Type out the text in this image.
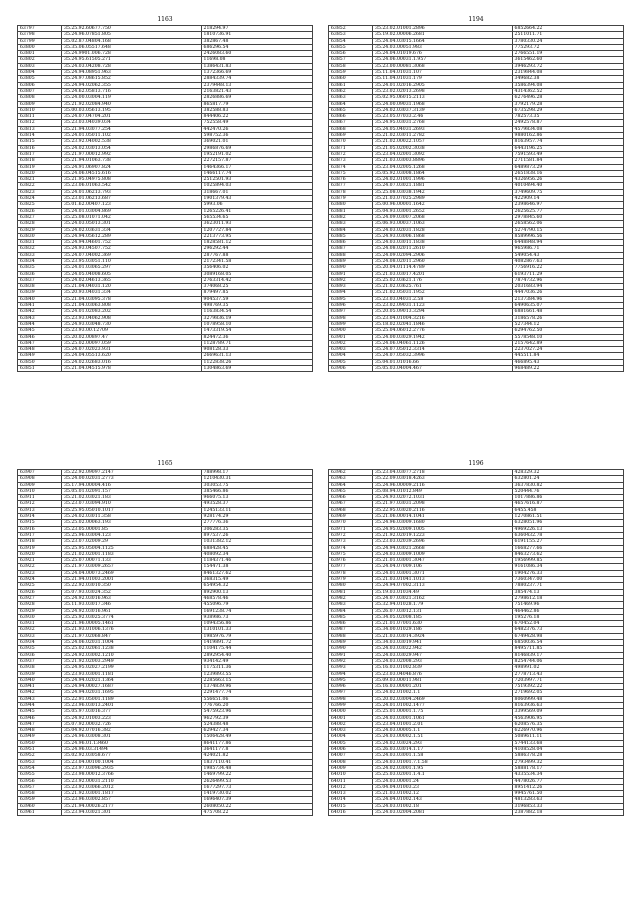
1163
63797	35.25.92.60677.750	218294.97
63798	35.24.96.07851.805	1810736.91
63799	35.02.87.04804.168	382867.48
63800	35.35.06.05517.648	686296.54
63801	35.24.9901.006.728	2426083.60
63802	35.24.95.61505.271	11698.08
63803	35.24.03.04208.728	1386431.83
63804	35.24.94.08951.963	1372366.69
63805	35.24.97.08615.852	2884339.74
63806	35.24.94.02062.355	2379448.13
63807	35.24.62.05813.716	2163821.43
63808	35.24.00.03004.119	2826886.69
63809	35.21.92.02084.940	865817.79
63810	35.00.03.05613.195	382588.83
63811	35.24.07.04704.201	844406.22
63812	35.23.03.04039.034	752558.49
63813	35.21.94.03077.254	442470.26
63814	35.24.01.05011.102	598752.36
63815	35.23.92.04002.538	369021.01
63816	35.24.02.03013.054	2986876.69
63817	35.21.97.00012.992	1952191.02
63818	35.21.94.01063.738	2272157.87
63819	35.24.91.06907.824	1464366.17
63820	35.24.06.04515.616	1466117.74
63821	35.21.95.04975.808	2512501.93
63822	35.23.06.01063.542	1025894.03
63823	35.24.01.06213.793	318667.01
63824	35.23.01.06213.687	1901379.43
63825	35.01.62.00407.123	5993.06
63826	35.24.01.03004.869	1265226.41
63827	35.25.08.01071.042	565534.65
63828	35.24.03.05013.301	3623011.93
63829	35.24.02.03631.334	1207727.84
63830	35.24.94.05612.289	2213773.95
63831	35.24.94.04601.752	1828581.12
63832	35.24.93.04507.752	296292.44
63833	35.24.07.04002.369	287767.88
63834	35.23.95.03051.110	2172341.58
63835	35.24.01.03065.297	356406.02
63836	35.24.05.04008.605	3089168.05
63837	35.24.02.04613.365	2763314.42
63838	35.21.04.04031.120	374068.25
63839	35.20.93.04031.334	879497.85
63840	35.21.04.03095.378	904537.59
63841	35.21.04.03063.808	498769.35
63842	35.24.01.02083.202	1163834.54
63843	35.23.93.04062.908	3279836.19
63844	35.24.93.03048.730	1078958.10
63845	35.23.93.00.12709	1473319.54
63846	35.20.02.00897.47	824472.36
63847	35.25.02.00097.059	1128789.71
63848	35.24.07.02023.931	908128.33
63849	35.24.04.05513.620	2669631.13
63850	35.24.02.02683.016	1122838.26
63851	35.21.04.04515.978	1304863.69
1194
63852	35.23.02.01001.2896	6852664.22
63853	35.19.02.00006.2681	2511011.71
63854	35.24.04.03015.1664	3780330.24
63855	35.24.03.00051.983	775293.72
63856	35.24.04.01019.676	2766551.19
63857	35.24.06.00031.1.957	3615462.60
63858	35.23.00.00081.3068	3946293.72
63859	35.11.04.01031.107	2319844.08
63860	35.11.04.01031.179	349682.38
63861	35.24.01.02016.2905	3586394.08
63862	35.23.02.02013.2698	4314362.52
63863	35.02.95.06015.2113	6276496.28
63864	35.24.00.09031.1968	3792179.28
63865	35.24.02.03037.3139	6735298.29
63866	35.23.05.07033.2.46	782573.35
63867	35.24.95.03031.2768	2492578.87
63868	35.24.05.04031.2693	4579834.08
63869	35.21.02.03011.2782	9880162.86
63870	35.21.02.00022.1057	8163957.74
63871	35.21.05.02002.3038	6443196.25
63872	35.23.04.02001.3092	7591593.49
63873	35.21.03.03003.8896	2711581.84
63874	35.23.04.02005.1268	6489873.29
63875	35.05.92.03008.1864	2651838.16
63876	35.24.02.01001.1996	4326956.26
63877	35.24.07.03021.1881	4010494.40
63878	35.25.08.03038.1942	3749609.75
63879	35.21.03.07025.2989	422909.14
63880	35.00.96.00001.1642	2398646.97
63881	35.04.93.03001.2652	2625625.77
63882	35.24.09.03007.2068	2978845.60
63883	35.06.93.00037.1063	2658562.06
63884	35.24.03.02031.1828	5274790.15
63885	35.24.93.03006.1868	8589996.56
63886	35.24.03.03011.1838	6448848.94
63887	35.24.08.02011.2610	965986.71
63888	35.24.09.02094.2906	549054.43
63889	35.24.08.02011.2960	4082867.63
63890	35.20.04.01114.4789	7756916.22
63891	35.21.03.03017.4201	6193711.29
63892	35.25.02.03621.176	7874732.96
63893	35.21.02.03625.761	2031683.94
63894	35.21.02.05031.1952	4447036.26
63895	35.23.03.04031.2.58	2137384.96
63896	35.23.02.09031.1123	6490635.07
63897	35.20.05.09013.3294	6881661.48
63898	35.23.04.01004.3216	3186578.26
63899	35.18.02.02041.1846	527344.12
63900	35.25.04.06012.2776	6294762.50
63901	35.24.00.03029.1942	5578548.10
63902	35.24.06.04061.1126	2157642.89
63903	35.24.07.05012.3314	2237027.24
63904	35.24.07.05032.3996	445511.84
63905	35.04.01.01016.66	466895.43
63906	35.05.03.04004.467	968489.22
1165
63907	35.22.92.09097.2147	788998.17
63908	35.24.00.02031.2773	1210430.31
63909	35.17.94.00004.416	303053.75
63910	35.05.01.02091.157	385466.86
63911	35.21.02.03021.183	966075.13
63912	35.23.07.03094.910	493528.37
63913	35.25.95.05010.1017	1245133.11
63914	35.24.02.03011.358	928174.29
63915	35.25.02.00063.193	277776.36
63916	35.23.05.00001.85	306283.35
63917	35.25.96.03004.123	897537.26
63918	35.23.07.02009.29	1031382.12
63919	35.25.95.05004.1125	688428.45
63920	35.21.02.02001.1183	408092.34
63921	35.25.07.00071.133	1184371.46
63922	35.21.97.03009.2657	154471.38
63923	35.24.04.00073.2469	8461327.62
63924	35.21.94.01003.2001	368315.49
63925	35.22.92.03010.350	654954.32
63926	35.07.93.03024.352	892900.13
63927	35.24.92.03016.963	468578.46
63928	35.11.93.03017.346	455096.79
63929	35.24.92.03016.961	1691238.74
63930	35.25.92.03025.3774	938986.73
63931	35.21.96.00005.1461	1094356.86
63932	35.21.93.01006.1376	1310101.33
63933	35.21.97.02068.847	1985976.79
63934	35.24.06.02031.1004	1419891.72
63935	35.25.02.02061.1238	1104175.44
63936	35.24.92.03002.1210	2892954.40
63937	35.21.92.02003.2949	934142.49
63938	35.24.95.02027.2199	1175311.36
63939	35.23.93.03001.1181	1239893.55
63940	35.24.94.02021.1364	2285663.15
63941	35.24.94.00027.1687	1374839.96
63942	35.24.94.02031.1695	2291477.74
63943	35.22.91.05001.1189	556651.06
63944	35.23.96.03013.2401	776766.20
63945	35.05.97.03016.377	5475923.96
63946	35.24.92.01003.223	962792.39
63947	35.07.92.00032.726	524388.48
63948	35.04.92.07016.382	629427.34
63949	35.24.96.03008.301	1506428.49
63950	35.24.96.01.13460	8641177.86
63951	35.24.96.03.31494	3641177.8
63952	35.02.92.03058.677	424021.82
63953	35.23.04.00100.1004	1837110.41
63954	35.23.97.03096.2935	1985734.48
63955	35.23.98.00012.3766	1469799.22
63956	35.23.92.00031.2110	2626499.53
63957	35.23.92.03066.2012	1677297.73
63958	35.21.92.03001.1817	1419730.02
63959	35.23.96.03002.857	1696407.39
63960	35.21.94.00026.2177	2608050.22
63961	35.23.94.03021.301	475708.22
1196
63962	35.23.04.03077.2718	428329.32
63963	35.22.09.03018.4263	632801.24
63964	35.24.96.00009.2116	3637830.82
63965	35.08.94.01012.849	520444.76
63966	35.24.93.02072.1031	1017886.86
63967	35.21.97.03031.2098	4657616.87
63968	35.22.95.03020.2116	6455.458
63969	35.21.06.00014.1041	1270861.51
63970	35.24.96.03009.1680	6328051.96
63971	35.24.95.02009.1005	4969226.13
63972	35.21.92.02019.1223	6360432.78
63973	35.23.03.02039.2696	6191155.27
63974	35.24.94.03021.2668	1668277.66
63975	35.24.03.03009.1009	8463273.62
63976	35.21.01.03001.3047	1956999.85
63977	35.24.04.07009.106	9161086.34
63978	35.24.01.03001.3071	1904276.33
63979	35.21.03.01041.1013	7360347.00
63980	35.24.94.07002.3113	7880237.71
63981	35.19.03.01034.49	385474.13
63982	35.24.07.03021.3162	2798612.18
63983	35.32.94.01028.1.79	751469.96
63984	35.26.07.03012.131	464462.86
63985	35.34.05.02008.185	195276.18
63986	35.21.01.07001.630	670452.04
63987	35.34.00.01029.186	6482376.73
63988	35.21.03.03014.3924	6749428.98
63989	35.34.03.03019.941	6850036.54
63990	35.24.03.03022.942	8495711.85
63991	35.24.03.03029.947	8146839.17
63992	35.24.03.02008.293	8254744.06
63993	35.16.03.01002.839	498991.02
63994	35.23.03.04046.876	2778713.43
63995	35.09.03.00011.981	7203997.71
63996	35.16.03.00001.201	7519392.22
63997	35.24.02.01002.1.1	2719692.05
63998	35.20.02.03004.2469	8060999.48
63999	35.24.01.01002.1477	8163936.63
64000	35.25.01.00001.1.75	3399569.09
64001	35.24.03.03001.1061	4563906.95
64002	35.23.04.01001.2.01	6208576.35
64003	35.24.03.00005.1.1	6226970.96
64004	35.24.03.00002.1.51	5089611.11
64005	35.24.02.03024.293	5744133.68
64006	35.26.03.03014.1.17	4108528.04
64007	35.24.03.03001.1.58	5886378.28
64008	35.24.03.01001.7.1.58	2793499.32
64009	35.24.02.03001.1.95	5888178.17
64010	35.25.03.02001.1.4.1	4335534.34
64011	35.24.03.00001.24	4478026.77
64012	35.04.04.01003.23	8951412.26
64013	35.21.03.01002.12	9945761.50
64014	35.24.04.01002.143	4813283.63
64015	35.24.03.01002.18	3196853.33
64016	35.24.03.02004.2081	2387882.18
